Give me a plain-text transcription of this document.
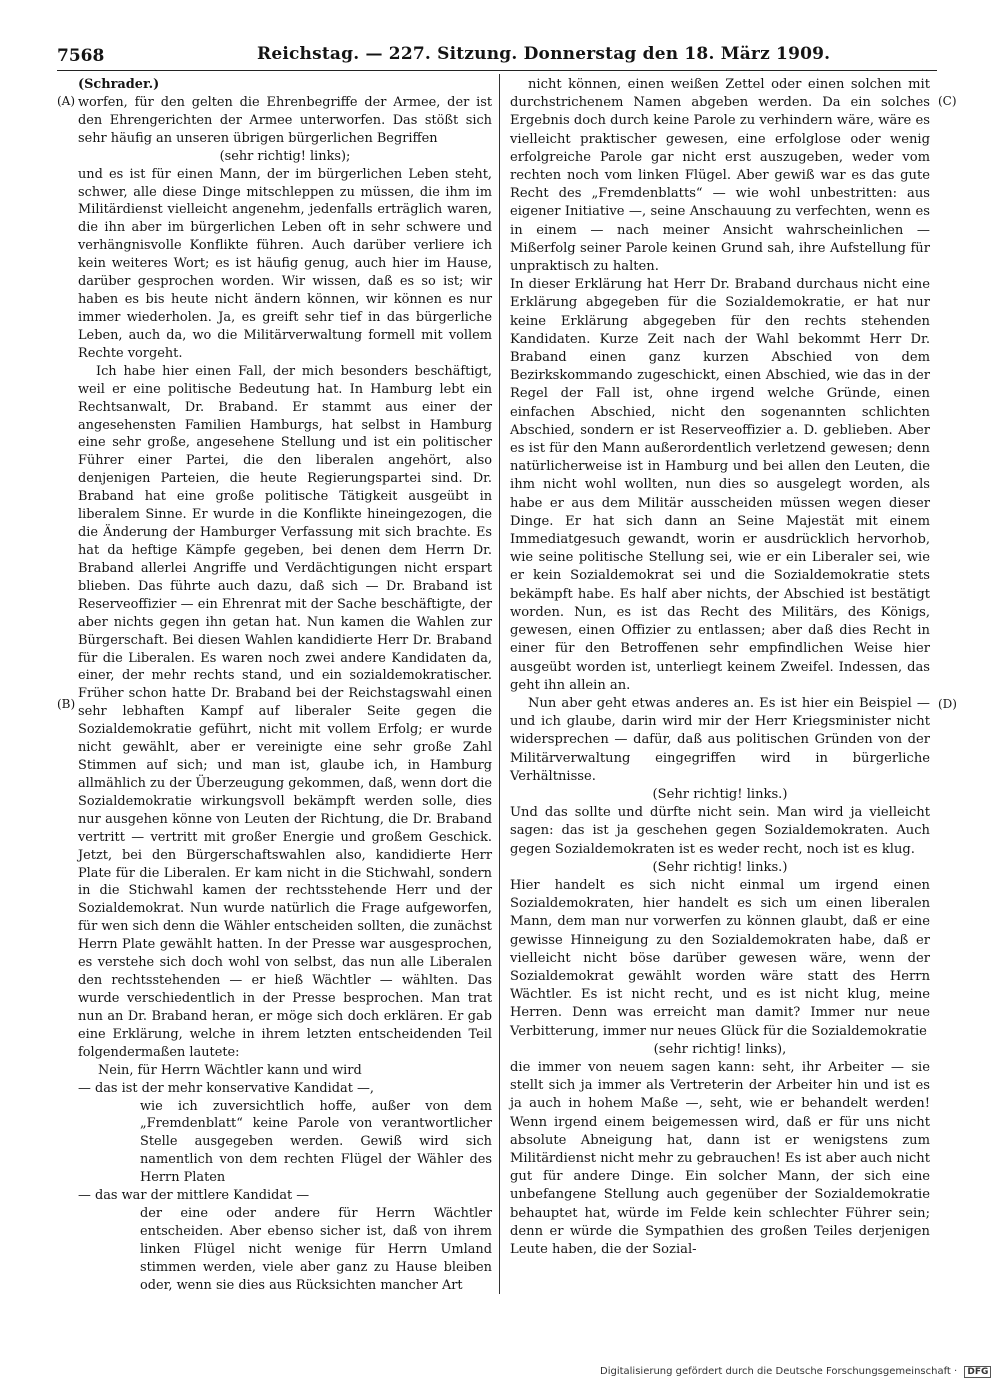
7568	Reichstag. — 227. Sitzung. Donnerstag den 18. März 1909.
(A)
(B)
(C)
(D)

(Schrader.)

worfen, für den gelten die Ehrenbegriffe der Armee, der ist den Ehrengerichten der Armee unterworfen. Das stößt sich sehr häufig an unseren übrigen bürgerlichen Begriffen

(sehr richtig! links);

und es ist für einen Mann, der im bürgerlichen Leben steht, schwer, alle diese Dinge mitschleppen zu müssen, die ihm im Militärdienst vielleicht angenehm, jedenfalls erträglich waren, die ihn aber im bürgerlichen Leben oft in sehr schwere und verhängnisvolle Konflikte führen. Auch darüber verliere ich kein weiteres Wort; es ist häufig genug, auch hier im Hause, darüber gesprochen worden. Wir wissen, daß es so ist; wir haben es bis heute nicht ändern können, wir können es nur immer wiederholen. Ja, es greift sehr tief in das bürgerliche Leben, auch da, wo die Militärverwaltung formell mit vollem Rechte vorgeht.

Ich habe hier einen Fall, der mich besonders beschäftigt, weil er eine politische Bedeutung hat. In Hamburg lebt ein Rechtsanwalt, Dr. Braband. Er stammt aus einer der angesehensten Familien Hamburgs, hat selbst in Hamburg eine sehr große, angesehene Stellung und ist ein politischer Führer einer Partei, die den liberalen angehört, also denjenigen Parteien, die heute Regierungspartei sind. Dr. Braband hat eine große politische Tätigkeit ausgeübt in liberalem Sinne. Er wurde in die Konflikte hineingezogen, die die Änderung der Hamburger Verfassung mit sich brachte. Es hat da heftige Kämpfe gegeben, bei denen dem Herrn Dr. Braband allerlei Angriffe und Verdächtigungen nicht erspart blieben. Das führte auch dazu, daß sich — Dr. Braband ist Reserveoffizier — ein Ehrenrat mit der Sache beschäftigte, der aber nichts gegen ihn getan hat. Nun kamen die Wahlen zur Bürgerschaft. Bei diesen Wahlen kandidierte Herr Dr. Braband für die Liberalen. Es waren noch zwei andere Kandidaten da, einer, der mehr rechts stand, und ein sozialdemokratischer. Früher schon hatte Dr. Braband bei der Reichstagswahl einen sehr lebhaften Kampf auf liberaler Seite gegen die Sozialdemokratie geführt, nicht mit vollem Erfolg; er wurde nicht gewählt, aber er vereinigte eine sehr große Zahl Stimmen auf sich; und man ist, glaube ich, in Hamburg allmählich zu der Überzeugung gekommen, daß, wenn dort die Sozialdemokratie wirkungsvoll bekämpft werden solle, dies nur ausgehen könne von Leuten der Richtung, die Dr. Braband vertritt — vertritt mit großer Energie und großem Geschick. Jetzt, bei den Bürgerschaftswahlen also, kandidierte Herr Plate für die Liberalen. Er kam nicht in die Stichwahl, sondern in die Stichwahl kamen der rechtsstehende Herr und der Sozialdemokrat. Nun wurde natürlich die Frage aufgeworfen, für wen sich denn die Wähler entscheiden sollten, die zunächst Herrn Plate gewählt hatten. In der Presse war ausgesprochen, es verstehe sich doch wohl von selbst, das nun alle Liberalen den rechtsstehenden — er hieß Wächtler — wählten. Das wurde verschiedentlich in der Presse besprochen. Man trat nun an Dr. Braband heran, er möge sich doch erklären. Er gab eine Erklärung, welche in ihrem letzten entscheidenden Teil folgendermaßen lautete:

Nein, für Herrn Wächtler kann und wird

— das ist der mehr konservative Kandidat —,

wie ich zuversichtlich hoffe, außer von dem „Fremdenblatt“ keine Parole von verantwortlicher Stelle ausgegeben werden. Gewiß wird sich namentlich von dem rechten Flügel der Wähler des Herrn Platen

— das war der mittlere Kandidat —

der eine oder andere für Herrn Wächtler entscheiden. Aber ebenso sicher ist, daß von ihrem linken Flügel nicht wenige für Herrn Umland stimmen werden, viele aber ganz zu Hause bleiben oder, wenn sie dies aus Rücksichten mancher Art

nicht können, einen weißen Zettel oder einen solchen mit durchstrichenem Namen abgeben werden. Da ein solches Ergebnis doch durch keine Parole zu verhindern wäre, wäre es vielleicht praktischer gewesen, eine erfolglose oder wenig erfolgreiche Parole gar nicht erst auszugeben, weder vom rechten noch vom linken Flügel. Aber gewiß war es das gute Recht des „Fremdenblatts“ — wie wohl unbestritten: aus eigener Initiative —, seine Anschauung zu verfechten, wenn es in einem — nach meiner Ansicht wahrscheinlichen — Mißerfolg seiner Parole keinen Grund sah, ihre Aufstellung für unpraktisch zu halten.

In dieser Erklärung hat Herr Dr. Braband durchaus nicht eine Erklärung abgegeben für die Sozialdemokratie, er hat nur keine Erklärung abgegeben für den rechts stehenden Kandidaten. Kurze Zeit nach der Wahl bekommt Herr Dr. Braband einen ganz kurzen Abschied von dem Bezirkskommando zugeschickt, einen Abschied, wie das in der Regel der Fall ist, ohne irgend welche Gründe, einen einfachen Abschied, nicht den sogenannten schlichten Abschied, sondern er ist Reserveoffizier a. D. geblieben. Aber es ist für den Mann außerordentlich verletzend gewesen; denn natürlicherweise ist in Hamburg und bei allen den Leuten, die ihm nicht wohl wollten, nun dies so ausgelegt worden, als habe er aus dem Militär ausscheiden müssen wegen dieser Dinge. Er hat sich dann an Seine Majestät mit einem Immediatgesuch gewandt, worin er ausdrücklich hervorhob, wie seine politische Stellung sei, wie er ein Liberaler sei, wie er kein Sozialdemokrat sei und die Sozialdemokratie stets bekämpft habe. Es half aber nichts, der Abschied ist bestätigt worden. Nun, es ist das Recht des Militärs, des Königs, gewesen, einen Offizier zu entlassen; aber daß dies Recht in einer für den Betroffenen sehr empfindlichen Weise hier ausgeübt worden ist, unterliegt keinem Zweifel. Indessen, das geht ihn allein an.

Nun aber geht etwas anderes an. Es ist hier ein Beispiel — und ich glaube, darin wird mir der Herr Kriegsminister nicht widersprechen — dafür, daß aus politischen Gründen von der Militärverwaltung eingegriffen wird in bürgerliche Verhältnisse.

(Sehr richtig! links.)

Und das sollte und dürfte nicht sein. Man wird ja vielleicht sagen: das ist ja geschehen gegen Sozialdemokraten. Auch gegen Sozialdemokraten ist es weder recht, noch ist es klug.

(Sehr richtig! links.)

Hier handelt es sich nicht einmal um irgend einen Sozialdemokraten, hier handelt es sich um einen liberalen Mann, dem man nur vorwerfen zu können glaubt, daß er eine gewisse Hinneigung zu den Sozialdemokraten habe, daß er vielleicht nicht böse darüber gewesen wäre, wenn der Sozialdemokrat gewählt worden wäre statt des Herrn Wächtler. Es ist nicht recht, und es ist nicht klug, meine Herren. Denn was erreicht man damit? Immer nur neue Verbitterung, immer nur neues Glück für die Sozialdemokratie

(sehr richtig! links),

die immer von neuem sagen kann: seht, ihr Arbeiter — sie stellt sich ja immer als Vertreterin der Arbeiter hin und ist es ja auch in hohem Maße —, seht, wie er behandelt werden! Wenn irgend einem beigemessen wird, daß er für uns nicht absolute Abneigung hat, dann ist er wenigstens zum Militärdienst nicht mehr zu gebrauchen! Es ist aber auch nicht gut für andere Dinge. Ein solcher Mann, der sich eine unbefangene Stellung auch gegenüber der Sozialdemokratie behauptet hat, würde im Felde kein schlechter Führer sein; denn er würde die Sympathien des großen Teiles derjenigen Leute haben, die der Sozial-

Digitalisierung gefördert durch die Deutsche Forschungsgemeinschaft · DFG
